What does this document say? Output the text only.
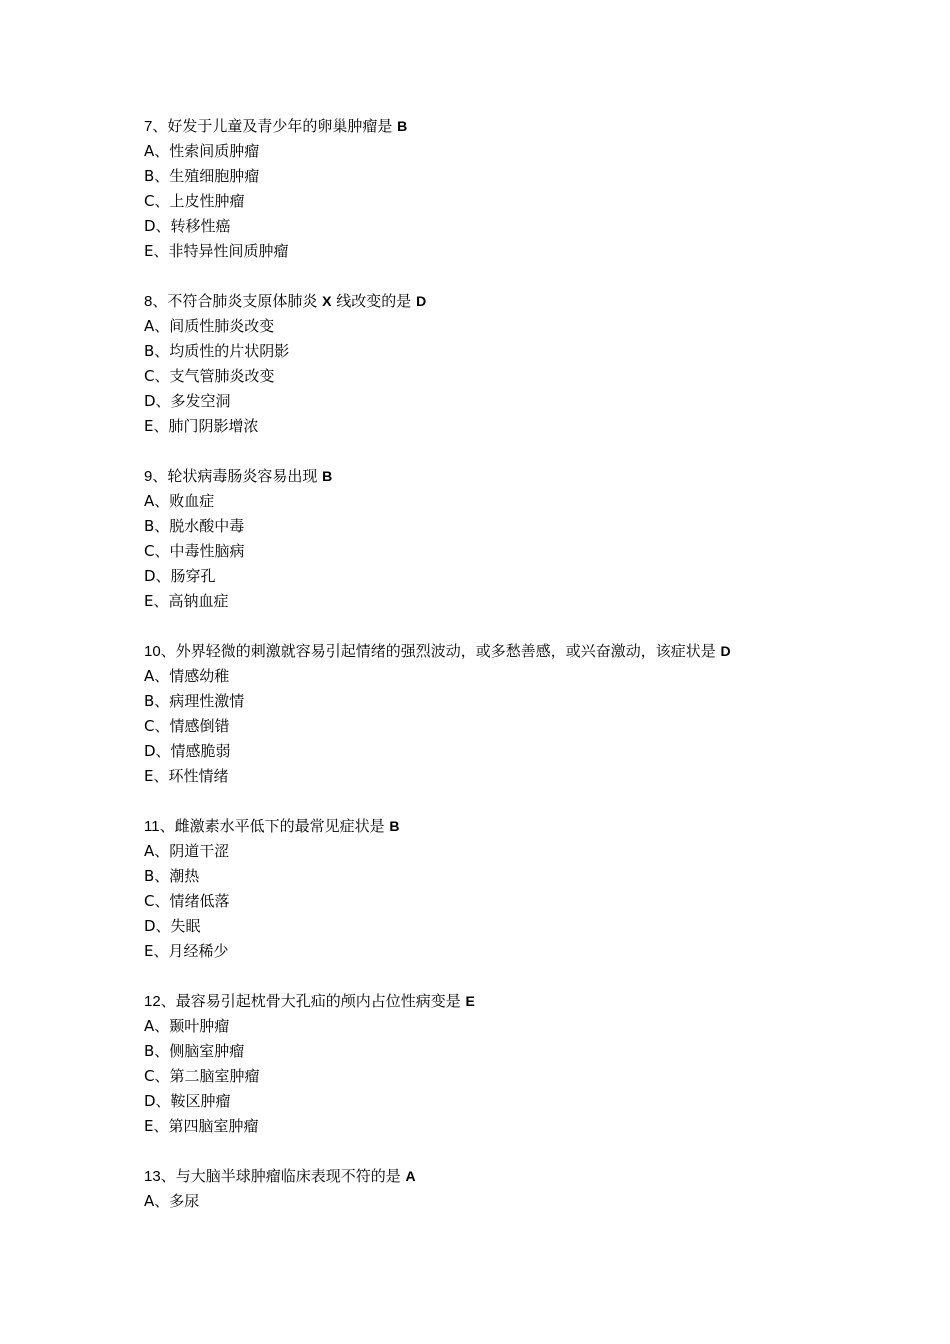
7、好发于儿童及青少年的卵巢肿瘤是 B
A、性索间质肿瘤
B、生殖细胞肿瘤
C、上皮性肿瘤
D、转移性癌
E、非特异性间质肿瘤
8、不符合肺炎支原体肺炎 X 线改变的是 D
A、间质性肺炎改变
B、均质性的片状阴影
C、支气管肺炎改变
D、多发空洞
E、肺门阴影增浓
9、轮状病毒肠炎容易出现 B
A、败血症
B、脱水酸中毒
C、中毒性脑病
D、肠穿孔
E、高钠血症
10、外界轻微的刺激就容易引起情绪的强烈波动，或多愁善感，或兴奋激动，该症状是 D
A、情感幼稚
B、病理性激情
C、情感倒错
D、情感脆弱
E、环性情绪
11、雌激素水平低下的最常见症状是 B
A、阴道干涩
B、潮热
C、情绪低落
D、失眠
E、月经稀少
12、最容易引起枕骨大孔疝的颅内占位性病变是 E
A、颞叶肿瘤
B、侧脑室肿瘤
C、第二脑室肿瘤
D、鞍区肿瘤
E、第四脑室肿瘤
13、与大脑半球肿瘤临床表现不符的是 A
A、多尿
